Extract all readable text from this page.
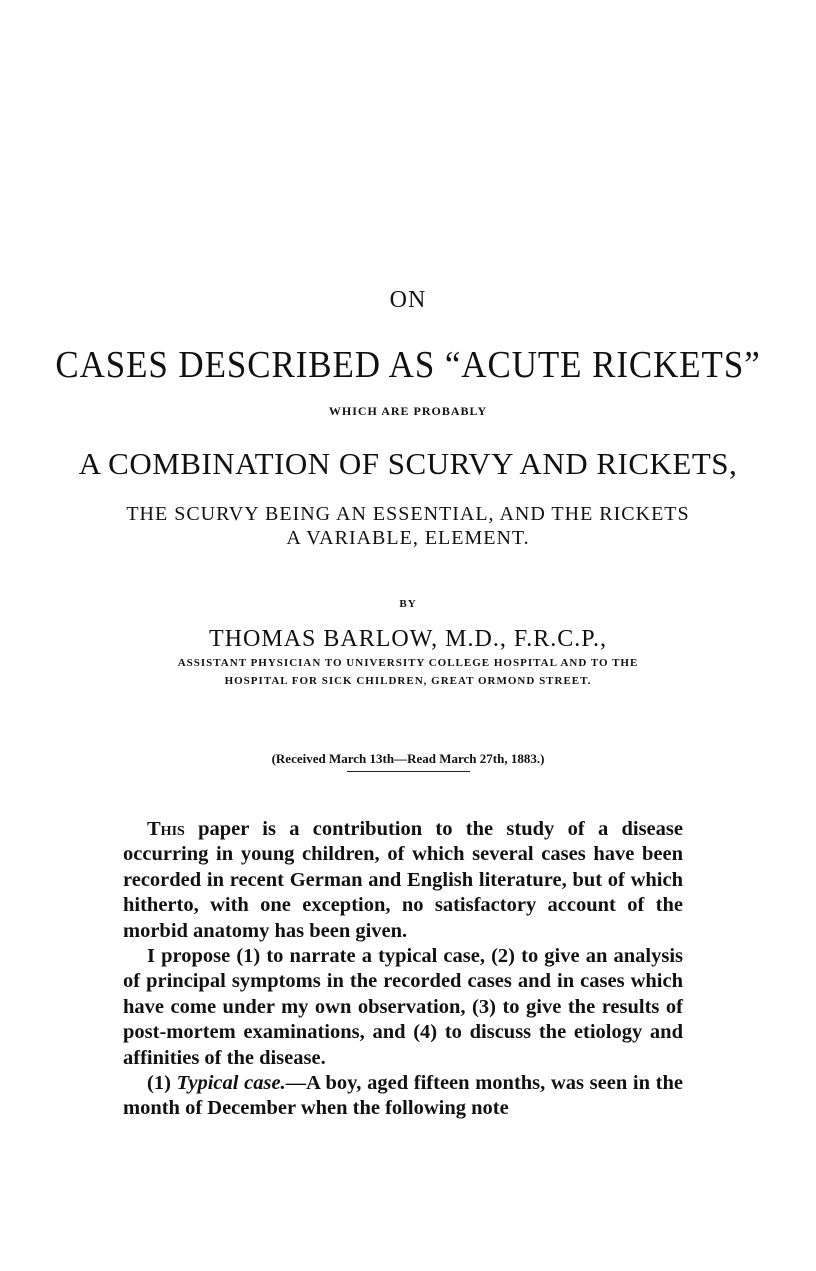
ON
CASES DESCRIBED AS “ACUTE RICKETS”
WHICH ARE PROBABLY
A COMBINATION OF SCURVY AND RICKETS,
THE SCURVY BEING AN ESSENTIAL, AND THE RICKETS
A VARIABLE, ELEMENT.
BY
THOMAS BARLOW, M.D., F.R.C.P.,
ASSISTANT PHYSICIAN TO UNIVERSITY COLLEGE HOSPITAL AND TO THE
HOSPITAL FOR SICK CHILDREN, GREAT ORMOND STREET.
(Received March 13th—Read March 27th, 1883.)

This paper is a contribution to the study of a disease occurring in young children, of which several cases have been recorded in recent German and English literature, but of which hitherto, with one exception, no satisfactory account of the morbid anatomy has been given.

I propose (1) to narrate a typical case, (2) to give an analysis of principal symptoms in the recorded cases and in cases which have come under my own observation, (3) to give the results of post-mortem examinations, and (4) to discuss the etiology and affinities of the disease.

(1) Typical case.—A boy, aged fifteen months, was seen in the month of December when the following note
